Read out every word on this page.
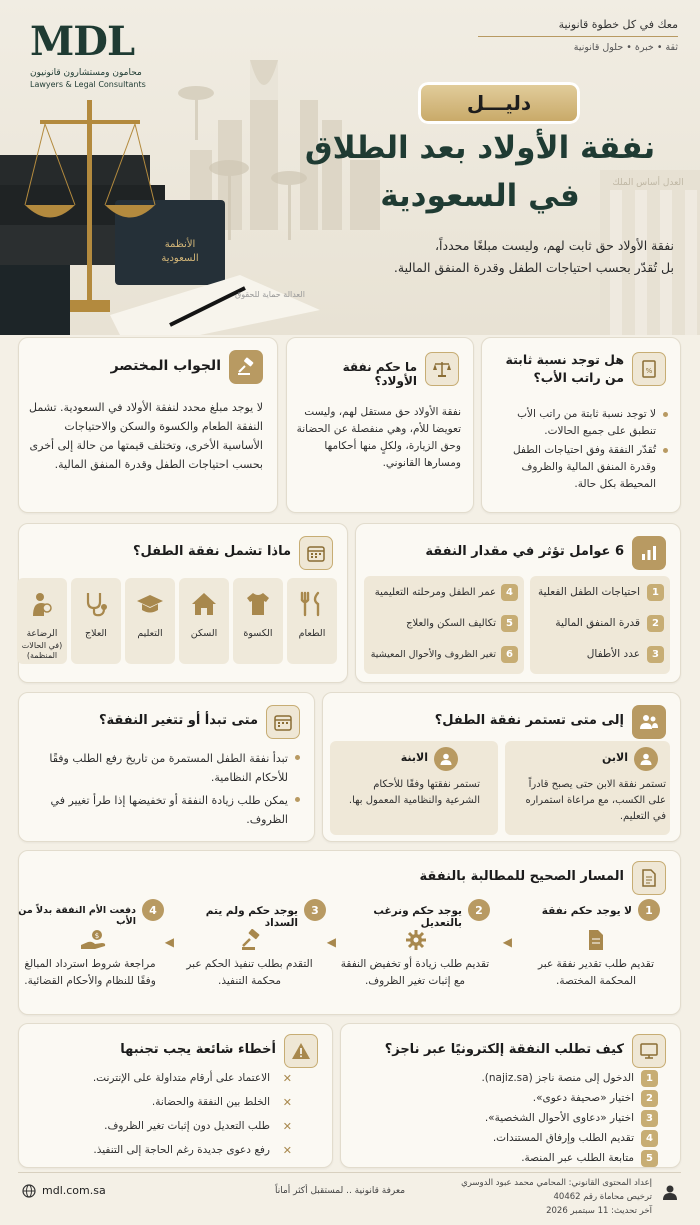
الأنظمة السعودية
العدالة حماية للحقوق
العدل أساس الملك
MDL
محامون ومستشارون قانونيون
Lawyers & Legal Consultants
معك في كل خطوة قانونية
ثقة • خبرة • حلول قانونية
دليـــل
نفقة الأولاد بعد الطلاق
في السعودية
نفقة الأولاد حق ثابت لهم، وليست مبلغًا محدداً،
بل تُقدّر بحسب احتياجات الطفل وقدرة المنفق المالية.
%
هل توجد نسبة ثابتة
من راتب الأب؟
لا توجد نسبة ثابتة من راتب الأب تنطبق على جميع الحالات.
تُقدّر النفقة وفق احتياجات الطفل وقدرة المنفق المالية والظروف المحيطة بكل حالة.
ما حكم نفقة الأولاد؟
نفقة الأولاد حق مستقل لهم، وليست تعويضا للأم، وهي منفصلة عن الحضانة وحق الزيارة، ولكلٍ منها أحكامها ومسارها القانوني.
الجواب المختصر
لا يوجد مبلغ محدد لنفقة الأولاد في السعودية. تشمل النفقة الطعام والكسوة والسكن والاحتياجات الأساسية الأخرى، وتختلف قيمتها من حالة إلى أخرى بحسب احتياجات الطفل وقدرة المنفق المالية.
6 عوامل تؤثر في مقدار النفقة
1
احتياجات الطفل الفعلية
2
قدرة المنفق المالية
3
عدد الأطفال
4
عمر الطفل ومرحلته التعليمية
5
تكاليف السكن والعلاج
6
تغير الظروف والأحوال المعيشية
ماذا تشمل نفقة الطفل؟
الطعام
الكسوة
السكن
التعليم
العلاج
الرضاعة
(في الحالات
المنظمة)
إلى متى تستمر نفقة الطفل؟
الابن
تستمر نفقة الابن حتى يصبح قادراً على الكسب، مع مراعاة استمراره في التعليم.
الابنة
تستمر نفقتها وفقًا للأحكام الشرعية والنظامية المعمول بها.
متى تبدأ أو تتغير النفقة؟
تبدأ نفقة الطفل المستمرة من تاريخ رفع الطلب وفقًا للأحكام النظامية.
يمكن طلب زيادة النفقة أو تخفيضها إذا طرأ تغيير في الظروف.
المسار الصحيح للمطالبة بالنفقة
1
لا يوجد حكم نفقة
تقديم طلب تقدير نفقة عبر المحكمة المختصة.
◀
2
يوجد حكم ونرغب بالتعديل
تقديم طلب زيادة أو تخفيض النفقة مع إثبات تغير الظروف.
◀
3
يوجد حكم ولم يتم السداد
التقدم بطلب تنفيذ الحكم عبر محكمة التنفيذ.
◀
4
دفعت الأم النفقة بدلاً من الأب
$
مراجعة شروط استرداد المبالغ وفقًا للنظام والأحكام القضائية.
كيف تطلب النفقة إلكترونيًا عبر ناجز؟
1
الدخول إلى منصة ناجز (najiz.sa).
2
اختيار «صحيفة دعوى».
3
اختيار «دعاوى الأحوال الشخصية».
4
تقديم الطلب وإرفاق المستندات.
5
متابعة الطلب عبر المنصة.
أخطاء شائعة يجب تجنبها
✕
الاعتماد على أرقام متداولة على الإنترنت.
✕
الخلط بين النفقة والحضانة.
✕
طلب التعديل دون إثبات تغير الظروف.
✕
رفع دعوى جديدة رغم الحاجة إلى التنفيذ.
إعداد المحتوى القانوني: المحامي محمد عبود الدوسري
ترخيص محاماة رقم 40462
آخر تحديث: 11 سبتمبر 2026
معرفة قانونية .. لمستقبل أكثر أماناً
mdl.com.sa
